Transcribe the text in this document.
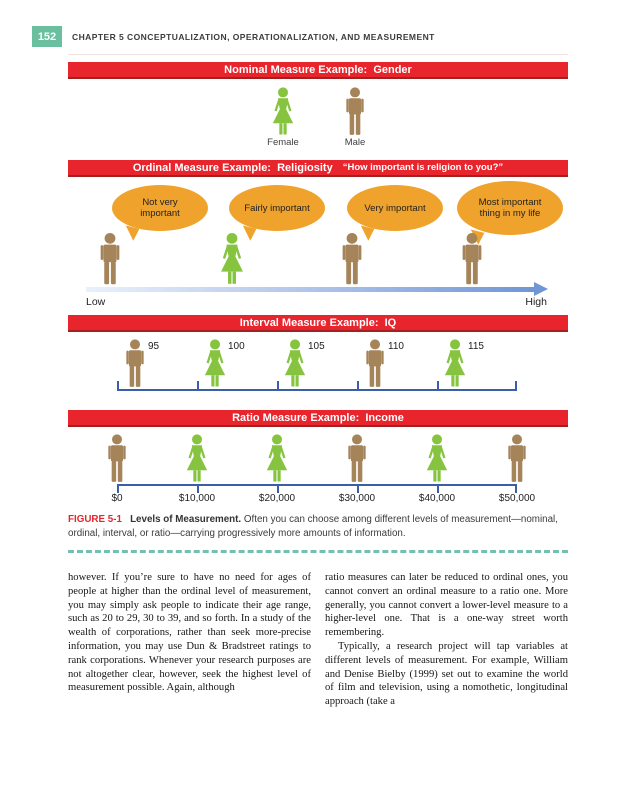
152 CHAPTER 5 CONCEPTUALIZATION, OPERATIONALIZATION, AND MEASUREMENT
Nominal Measure Example:  Gender
Female	Male
Ordinal Measure Example:  Religiosity “How important is religion to you?”
Not very important	Fairly important	Very important	Most important thing in my life
Low	High
Interval Measure Example:  IQ
95	100	105	110	115
Ratio Measure Example:  Income
$0	$10,000	$20,000	$30,000	$40,000	$50,000
FIGURE 5-1 Levels of Measurement. Often you can choose among different levels of measurement—nominal, ordinal, interval, or ratio—carrying progressively more amounts of information.

however. If you’re sure to have no need for ages of people at higher than the ordinal level of measurement, you may simply ask people to indicate their age range, such as 20 to 29, 30 to 39, and so forth. In a study of the wealth of corporations, rather than seek more-precise information, you may use Dun & Bradstreet ratings to rank corporations. Whenever your research purposes are not altogether clear, however, seek the highest level of measurement possible. Again, although

ratio measures can later be reduced to ordinal ones, you cannot convert an ordinal measure to a ratio one. More generally, you cannot convert a lower-level measure to a higher-level one. That is a one-way street worth remembering.

Typically, a research project will tap variables at different levels of measurement. For example, William and Denise Bielby (1999) set out to examine the world of film and television, using a nomothetic, longitudinal approach (take a
